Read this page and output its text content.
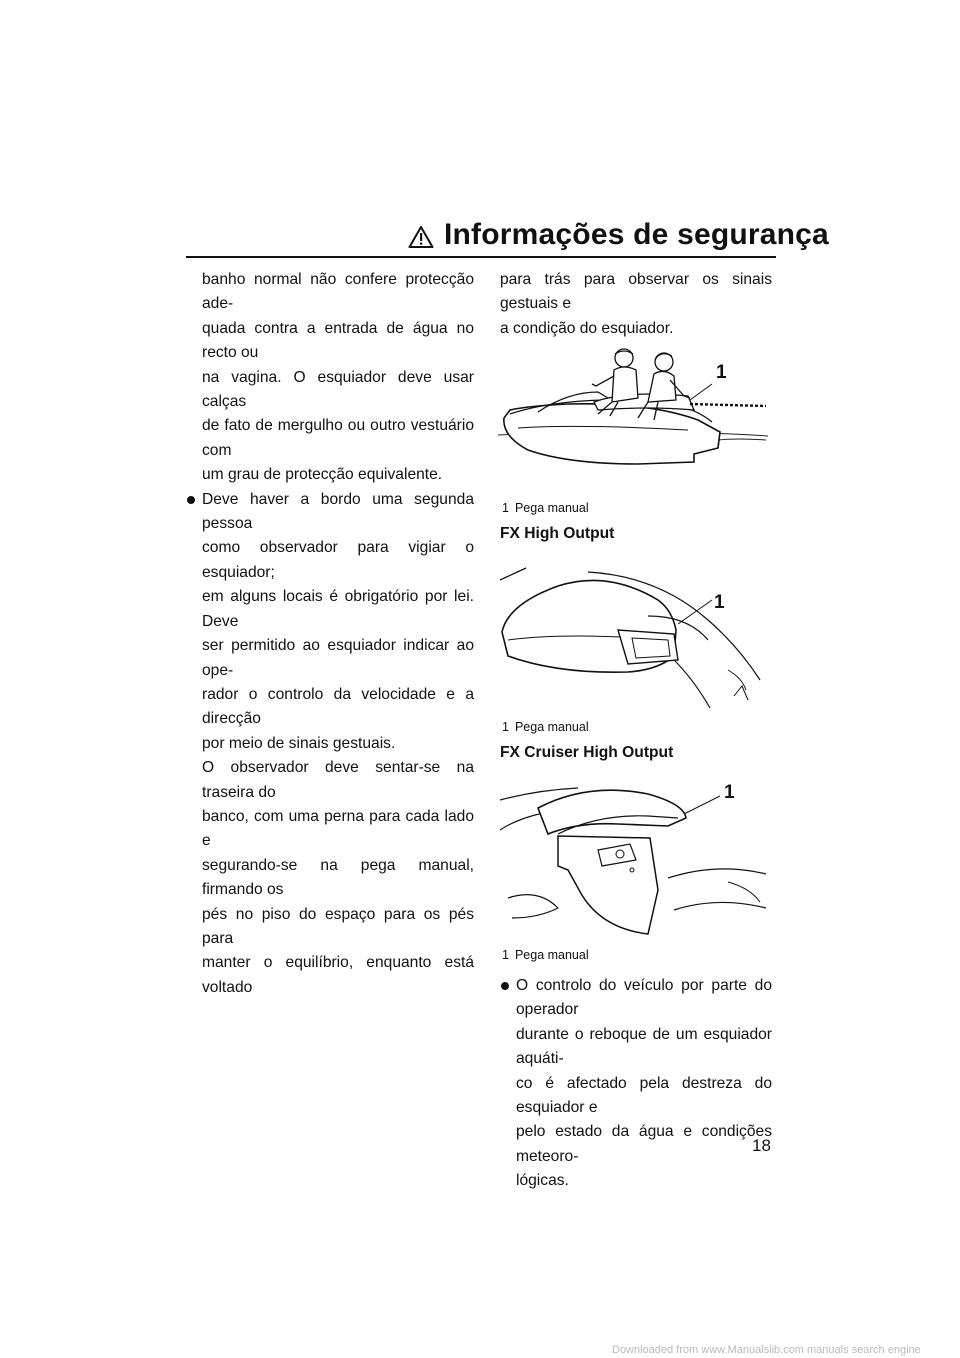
Informações de segurança

banho normal não confere protecção ade-

quada contra a entrada de água no recto ou

na vagina. O esquiador deve usar calças

de fato de mergulho ou outro vestuário com

um grau de protecção equivalente.

Deve haver a bordo uma segunda pessoa

como observador para vigiar o esquiador;

em alguns locais é obrigatório por lei. Deve

ser permitido ao esquiador indicar ao ope-

rador o controlo da velocidade e a direcção

por meio de sinais gestuais.

O observador deve sentar-se na traseira do

banco, com uma perna para cada lado e

segurando-se na pega manual, firmando os

pés no piso do espaço para os pés para

manter o equilíbrio, enquanto está voltado

para trás para observar os sinais gestuais e

a condição do esquiador.

1
1 Pega manual
FX High Output
1
1 Pega manual
FX Cruiser High Output
1
1 Pega manual

O controlo do veículo por parte do operador

durante o reboque de um esquiador aquáti-

co é afectado pela destreza do esquiador e

pelo estado da água e condições meteoro-

lógicas.

18
Downloaded from www.Manualslib.com manuals search engine
